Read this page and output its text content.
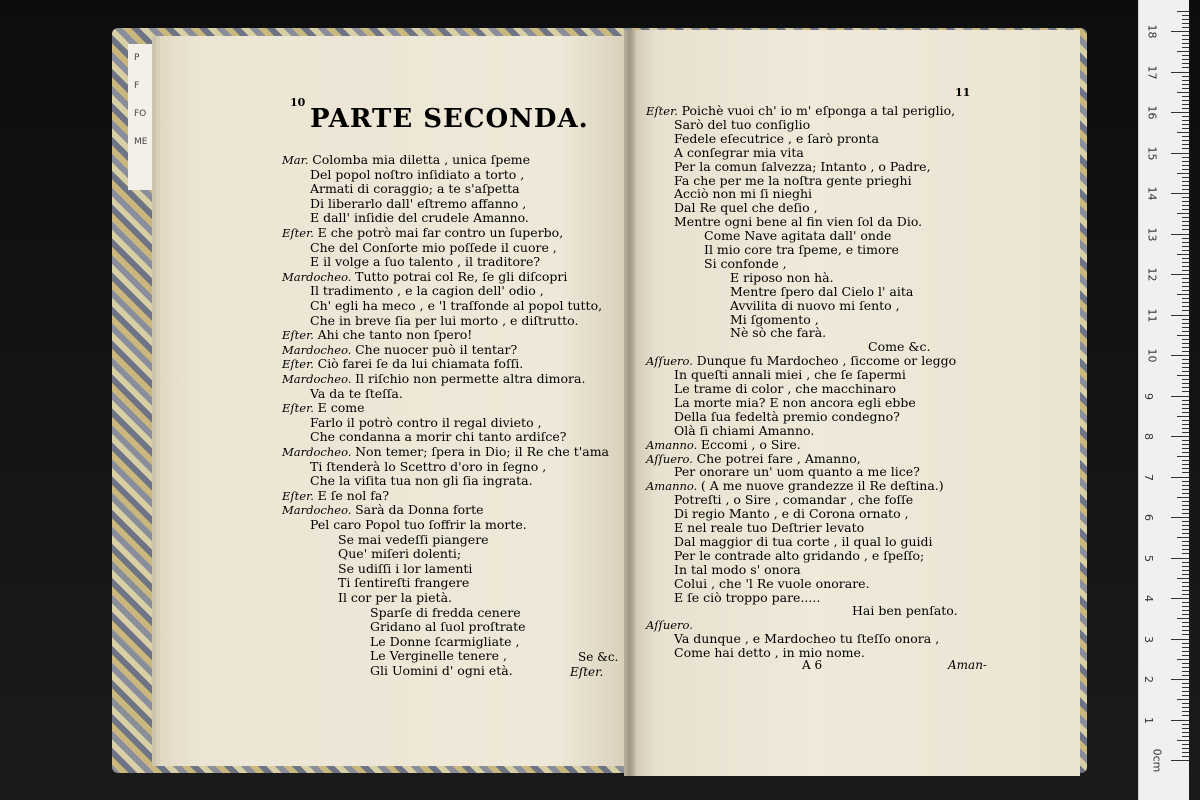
P
F
FO
ME
10
PARTE SECONDA.
11
Mar. Colomba mia diletta , unica ſpeme
Del popol noſtro inſidiato a torto ,
Armati di coraggio; a te s'aſpetta
Di liberarlo dall' eſtremo affanno ,
E dall' inſidie del crudele Amanno.
Eſter. E che potrò mai far contro un ſuperbo,
Che del Conſorte mio poſſede il cuore ,
E il volge a ſuo talento , il traditore?
Mardocheo. Tutto potrai col Re, ſe gli diſcopri
Il tradimento , e la cagion dell' odio ,
Ch' egli ha meco , e 'l traſfonde al popol tutto,
Che in breve ſia per lui morto , e diſtrutto.
Eſter. Ahi che tanto non ſpero!
Mardocheo. Che nuocer può il tentar?
Eſter. Ciò farei ſe da lui chiamata foſſi.
Mardocheo. Il riſchio non permette altra dimora.
Va da te ſteſſa.
Eſter. E come
Farlo il potrò contro il regal divieto ,
Che condanna a morir chi tanto ardiſce?
Mardocheo. Non temer; ſpera in Dio; il Re che t'ama
Ti ſtenderà lo Scettro d'oro in ſegno ,
Che la viſita tua non gli ſia ingrata.
Eſter. E ſe nol fa?
Mardocheo. Sarà da Donna forte
Pel caro Popol tuo ſoffrir la morte.
Se mai vedeſſi piangere
Que' miſeri dolenti;
Se udiſſi i lor lamenti
Ti ſentireſti frangere
Il cor per la pietà.
Sparſe di fredda cenere
Gridano al ſuol proſtrate
Le Donne ſcarmigliate ,
Le Verginelle tenere ,
Gli Uomini d' ogni età.
Eſter. Poichè vuoi ch' io m' eſponga a tal periglio,
Sarò del tuo conſiglio
Fedele eſecutrice , e ſarò pronta
A conſegrar mia vita
Per la comun ſalvezza; Intanto , o Padre,
Fa che per me la noſtra gente prieghi
Acciò non mi ſi nieghi
Dal Re quel che deſio ,
Mentre ogni bene al fin vien ſol da Dio.
Come Nave agitata dall' onde
Il mio core tra ſpeme, e timore
Si confonde ,
E riposo non hà.
Mentre ſpero dal Cielo l' aita
Avvilita di nuovo mi ſento ,
Mi ſgomento ,
Nè sò che farà.
Come &c.
Aſſuero. Dunque fu Mardocheo , ſiccome or leggo
In queſti annali miei , che ſe ſapermi
Le trame di color , che macchinaro
La morte mia? E non ancora egli ebbe
Della ſua fedeltà premio condegno?
Olà ſi chiami Amanno.
Amanno. Eccomi , o Sire.
Aſſuero. Che potrei fare , Amanno,
Per onorare un' uom quanto a me lice?
Amanno. ( A me nuove grandezze il Re deſtina.)
Potreſti , o Sire , comandar , che foſſe
Di regio Manto , e di Corona ornato ,
E nel reale tuo Deſtrier levato
Dal maggior di tua corte , il qual lo guidi
Per le contrade alto gridando , e ſpeſſo;
In tal modo s' onora
Colui , che 'l Re vuole onorare.
E ſe ciò troppo pare.....
Hai ben penſato.
Aſſuero.
Va dunque , e Mardocheo tu ſteſſo onora ,
Come hai detto , in mio nome.
Se &c.
Eſter.	A 6	Aman-
18
17
16
15
14
13
12
11
10
9
8
7
6
5
4
3
2
1
0cm
